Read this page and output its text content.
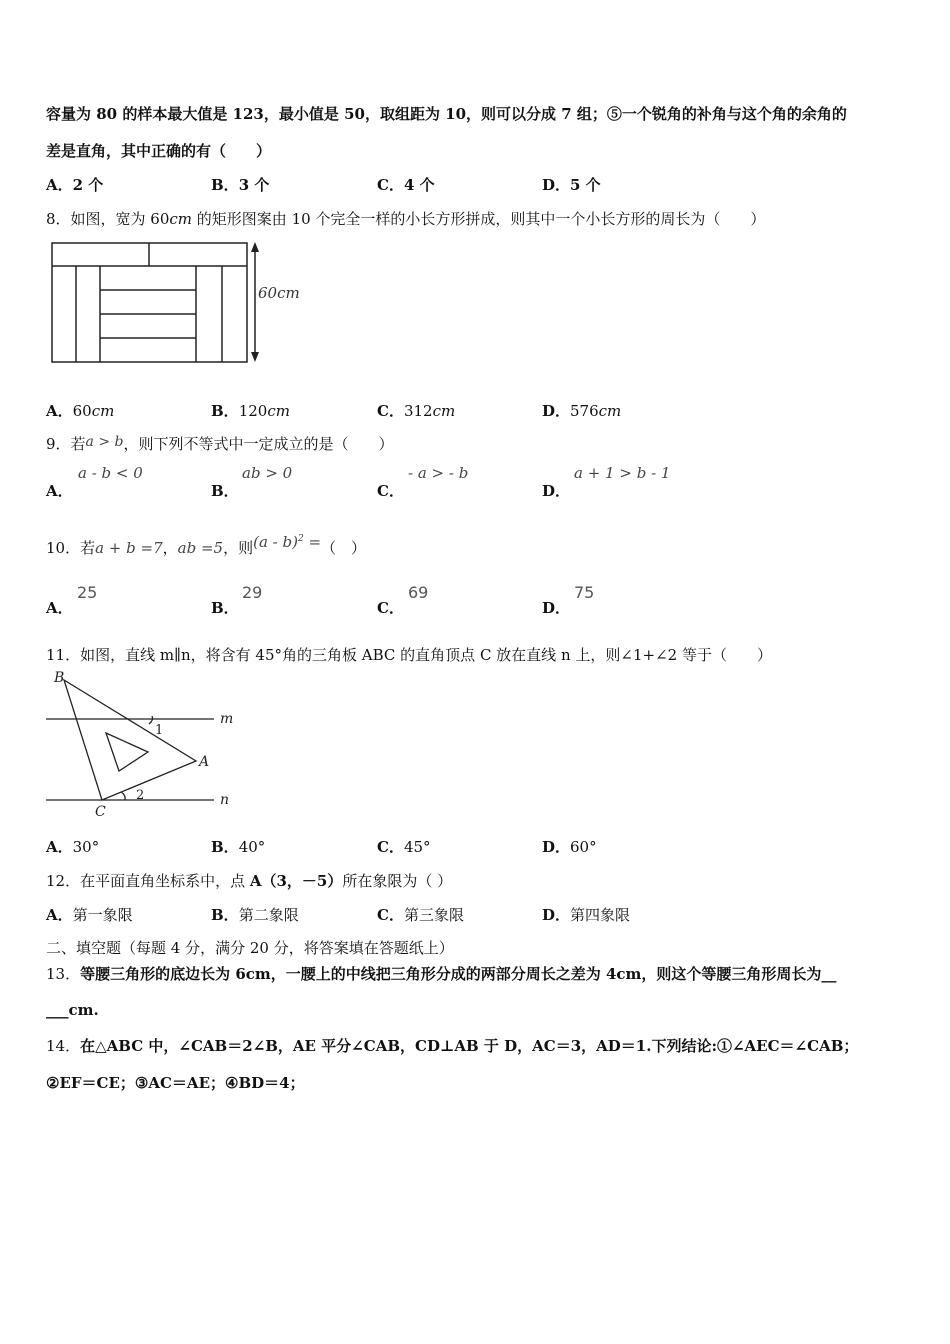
容量为 80 的样本最大值是 123，最小值是 50，取组距为 10，则可以分成 7 组；⑤一个锐角的补角与这个角的余角的
差是直角，其中正确的有（　　）
A．2 个	B．3 个	C．4 个	D．5 个
8．如图，宽为 60cm 的矩形图案由 10 个完全一样的小长方形拼成，则其中一个小长方形的周长为（　　）
60cm
A．60cm	B．120cm	C．312cm	D．576cm
9．若a > b，则下列不等式中一定成立的是（　　）
A．
a - b < 0
B．
ab > 0
C．
- a > - b
D．
a + 1 > b - 1
10．若a + b =7，ab =5，则(a - b)$^2$ =（　）
A．
25
B．
29
C．
69
D．
75
11．如图，直线 m∥n，将含有 45°角的三角板 ABC 的直角顶点 C 放在直线 n 上，则∠1+∠2 等于（　　）
B
A
C
m
n
1
2
A．30°	B．40°	C．45°	D．60°
12．在平面直角坐标系中，点 A（3，－5）所在象限为（ ）
A．第一象限	B．第二象限	C．第三象限	D．第四象限
二、填空题（每题 4 分，满分 20 分，将答案填在答题纸上）
13．等腰三角形的底边长为 6cm，一腰上的中线把三角形分成的两部分周长之差为 4cm，则这个等腰三角形周长为__
___cm.
14．在△ABC 中，∠CAB＝2∠B，AE 平分∠CAB，CD⊥AB 于 D，AC＝3，AD＝1.下列结论:①∠AEC＝∠CAB；
②EF＝CE；③AC＝AE；④BD＝4；
